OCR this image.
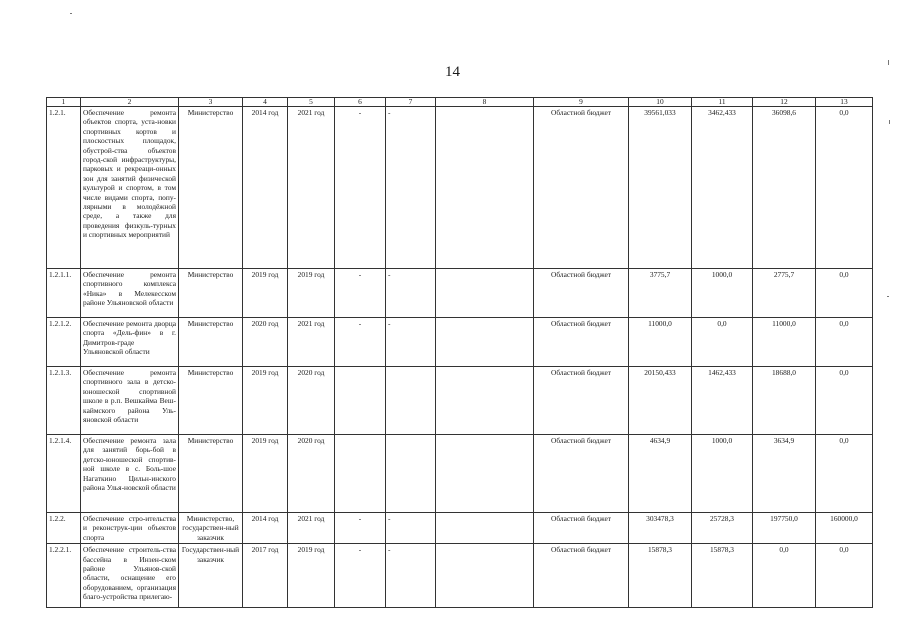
14
1	2	3	4	5	6	7	8	9	10	11	12	13
1.2.1.	Обеспечение ремонта объектов спорта, уста-новки спортивных кортов и плоскостных площадок, обустрой-ства объектов город-ской инфраструктуры, парковых и рекреаци-онных зон для занятий физической культурой и спортом, в том числе видами спорта, попу-лярными в молодёжной среде, а также для проведения физкуль-турных и спортивных мероприятий	Министерство	2014 год	2021 год	-	-		Областной бюджет	39561,033	3462,433	36098,6	0,0
1.2.1.1.	Обеспечение ремонта спортивного комплекса «Ника» в Мелекесском районе Ульяновской области	Министерство	2019 год	2019 год	-	-		Областной бюджет	3775,7	1000,0	2775,7	0,0
1.2.1.2.	Обеспечение ремонта дворца спорта «Дель-фин» в г. Димитров-граде Ульяновской области	Министерство	2020 год	2021 год	-	-		Областной бюджет	11000,0	0,0	11000,0	0,0
1.2.1.3.	Обеспечение ремонта спортивного зала в детско-юношеской спортивной школе в р.п. Вешкайма Веш-кaймского района Уль-яновской области	Министерство	2019 год	2020 год				Областной бюджет	20150,433	1462,433	18688,0	0,0
1.2.1.4.	Обеспечение ремонта зала для занятий борь-бой в детско-юношеской спортив-ной школе в с. Боль-шое Нагаткино Цильн-инского района Улья-новской области	Министерство	2019 год	2020 год				Областной бюджет	4634,9	1000,0	3634,9	0,0
1.2.2.	Обеспечение стро-ительства и реконструк-ции объектов спорта	Министерство, государствен-ный заказчик	2014 год	2021 год	-	-		Областной бюджет	303478,3	25728,3	197750,0	160000,0
1.2.2.1.	Обеспечение строитель-ства бассейна в Инзен-ском районе Ульянов-ской области, оснащение его оборудованием, организация благо-устройства прилегаю-	Государствен-ный заказчик	2017 год	2019 год	-	-		Областной бюджет	15878,3	15878,3	0,0	0,0
